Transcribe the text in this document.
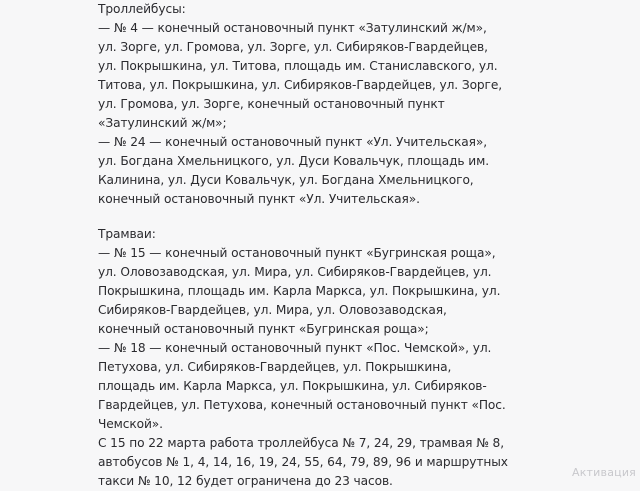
Троллейбусы:

— № 4 — конечный остановочный пункт «Затулинский ж/м», ул. Зорге, ул. Громова, ул. Зорге, ул. Сибиряков-Гвардейцев, ул. Покрышкина, ул. Титова, площадь им. Станиславского, ул. Титова, ул. Покрышкина, ул. Сибиряков-Гвардейцев, ул. Зорге, ул. Громова, ул. Зорге, конечный остановочный пункт «Затулинский ж/м»;

— № 24 — конечный остановочный пункт «Ул. Учительская», ул. Богдана Хмельницкого, ул. Дуси Ковальчук, площадь им. Калинина, ул. Дуси Ковальчук, ул. Богдана Хмельницкого, конечный остановочный пункт «Ул. Учительская».

Трамваи:

— № 15 — конечный остановочный пункт «Бугринская роща», ул. Оловозаводская, ул. Мира, ул. Сибиряков-Гвардейцев, ул. Покрышкина, площадь им. Карла Маркса, ул. Покрышкина, ул. Сибиряков-Гвардейцев, ул. Мира, ул. Оловозаводская, конечный остановочный пункт «Бугринская роща»;

— № 18 — конечный остановочный пункт «Пос. Чемской», ул. Петухова, ул. Сибиряков-Гвардейцев, ул. Покрышкина, площадь им. Карла Маркса, ул. Покрышкина, ул. Сибиряков-Гвардейцев, ул. Петухова, конечный остановочный пункт «Пос. Чемской».

С 15 по 22 марта работа троллейбуса № 7, 24, 29, трамвая № 8, автобусов № 1, 4, 14, 16, 19, 24, 55, 64, 79, 89, 96 и маршрутных такси № 10, 12 будет ограничена до 23 часов.

Активация
